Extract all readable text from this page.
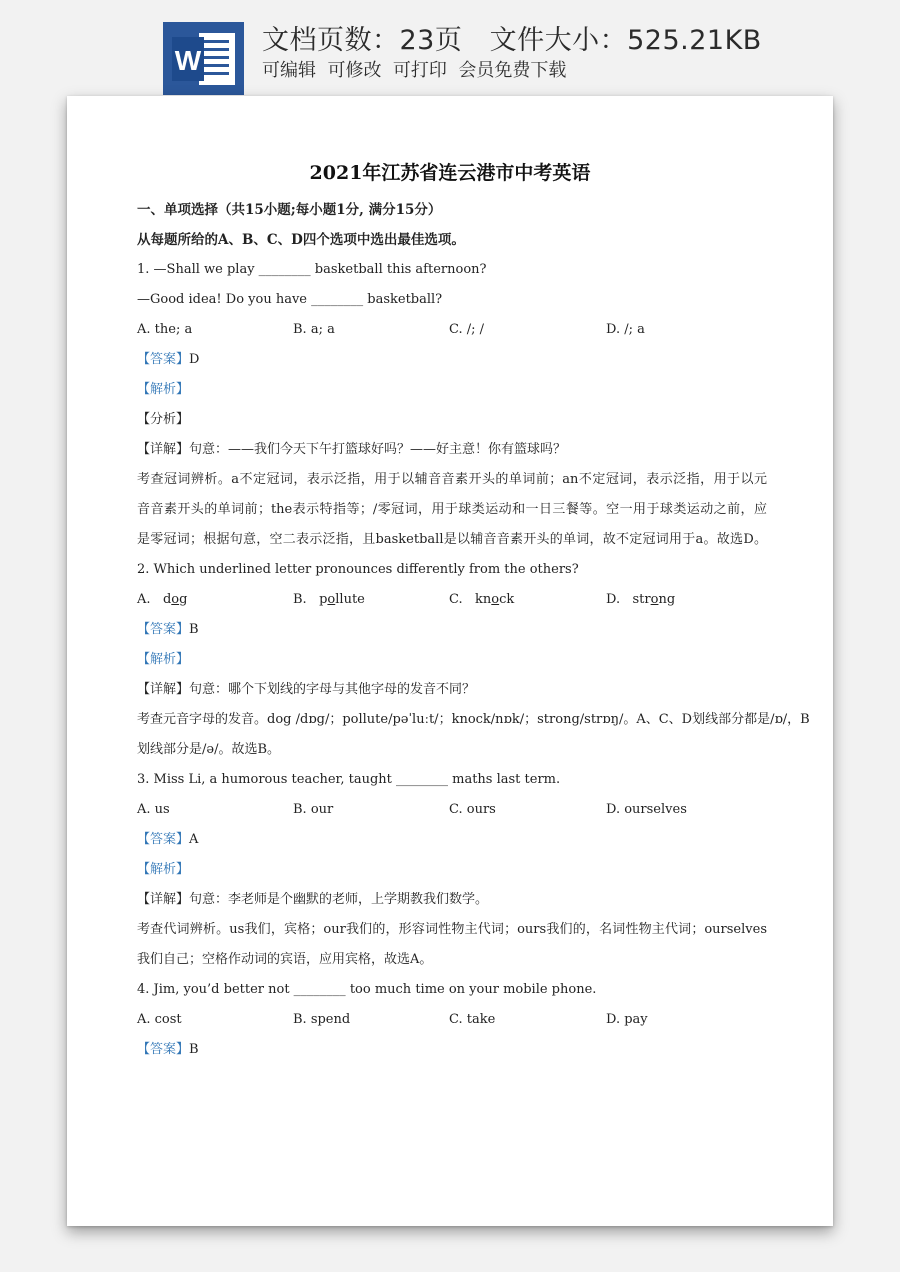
W
文档页数：23页 文件大小：525.21KB
可编辑  可修改  可打印  会员免费下载
2021年江苏省连云港市中考英语
一、单项选择（共15小题;每小题1分, 满分15分）
从每题所给的A、B、C、D四个选项中选出最佳选项。
1. —Shall we play ________ basketball this afternoon?
—Good idea! Do you have ________ basketball?
A. the; a	B. a; a	C. /; /	D. /; a
【答案】D
【解析】
【分析】
【详解】句意：——我们今天下午打篮球好吗？——好主意！你有篮球吗？
考查冠词辨析。a不定冠词，表示泛指，用于以辅音音素开头的单词前；an不定冠词，表示泛指，用于以元
音音素开头的单词前；the表示特指等；/零冠词，用于球类运动和一日三餐等。空一用于球类运动之前，应
是零冠词；根据句意，空二表示泛指，且basketball是以辅音音素开头的单词，故不定冠词用于a。故选D。
2. Which underlined letter pronounces differently from the others?
A. dog	B. pollute	C. knock	D. strong
【答案】B
【解析】
【详解】句意：哪个下划线的字母与其他字母的发音不同？
考查元音字母的发音。dog /dɒg/；pollute/pəˈluːt/；knock/nɒk/；strong/strɒŋ/。A、C、D划线部分都是/ɒ/，B
划线部分是/ə/。故选B。
3. Miss Li, a humorous teacher, taught ________ maths last term.
A. us	B. our	C. ours	D. ourselves
【答案】A
【解析】
【详解】句意：李老师是个幽默的老师，上学期教我们数学。
考查代词辨析。us我们，宾格；our我们的，形容词性物主代词；ours我们的，名词性物主代词；ourselves
我们自己；空格作动词的宾语，应用宾格，故选A。
4. Jim, you’d better not ________ too much time on your mobile phone.
A. cost	B. spend	C. take	D. pay
【答案】B
